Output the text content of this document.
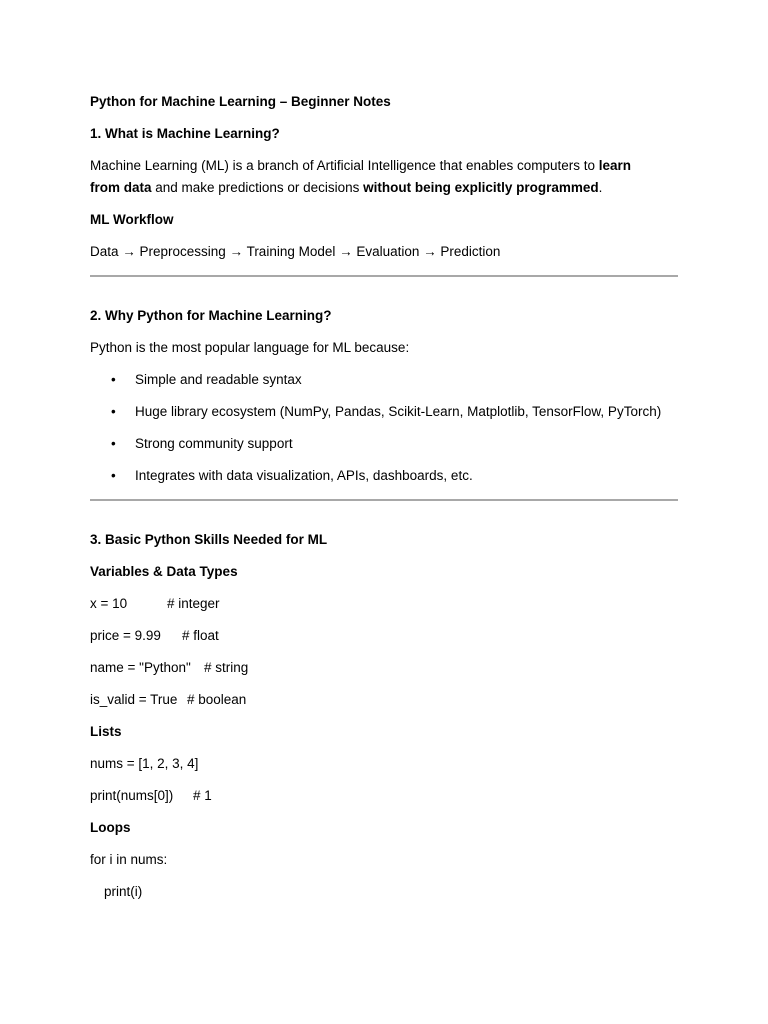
Python for Machine Learning – Beginner Notes
1. What is Machine Learning?
Machine Learning (ML) is a branch of Artificial Intelligence that enables computers to learn
from data and make predictions or decisions without being explicitly programmed.
ML Workflow
Data → Preprocessing → Training Model → Evaluation → Prediction
2. Why Python for Machine Learning?
Python is the most popular language for ML because:
• Simple and readable syntax
• Huge library ecosystem (NumPy, Pandas, Scikit-Learn, Matplotlib, TensorFlow, PyTorch)
• Strong community support
• Integrates with data visualization, APIs, dashboards, etc.
3. Basic Python Skills Needed for ML
Variables & Data Types
x = 10	# integer
price = 9.99 # float
name = "Python" # string
is_valid = True # boolean
Lists
nums = [1, 2, 3, 4]
print(nums[0]) # 1
Loops
for i in nums:
print(i)
